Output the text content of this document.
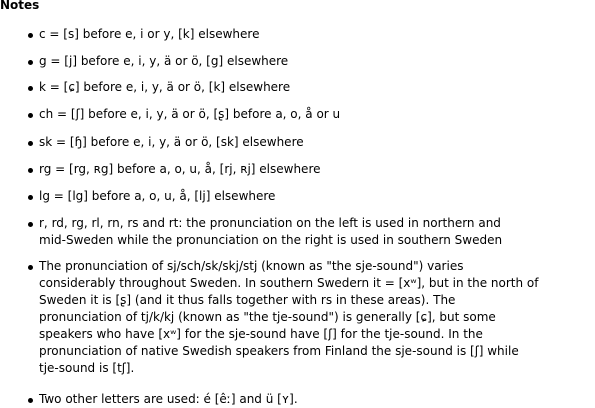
Notes
c = [s] before e, i or y, [k] elsewhere
g = [j] before e, i, y, ä or ö, [g] elsewhere
k = [ɕ] before e, i, y, ä or ö, [k] elsewhere
ch = [ʃ] before e, i, y, ä or ö, [ʂ] before a, o, å or u
sk = [ɧ] before e, i, y, ä or ö, [sk] elsewhere
rg = [rg, ʀg] before a, o, u, å, [rj, ʀj] elsewhere
lg = [lg] before a, o, u, å, [lj] elsewhere
r, rd, rg, rl, rn, rs and rt: the pronunciation on the left is used in northern and
mid-Sweden while the pronunciation on the right is used in southern Sweden
The pronunciation of sj/sch/sk/skj/stj (known as "the sje-sound") varies
considerably throughout Sweden. In southern Swedern it = [xʷ], but in the north of
Sweden it is [ʂ] (and it thus falls together with rs in these areas). The
pronunciation of tj/k/kj (known as "the tje-sound") is generally [ɕ], but some
speakers who have [xʷ] for the sje-sound have [ʃ] for the tje-sound. In the
pronunciation of native Swedish speakers from Finland the sje-sound is [ʃ] while
tje-sound is [tʃ].
Two other letters are used: é [êː] and ü [ʏ].
